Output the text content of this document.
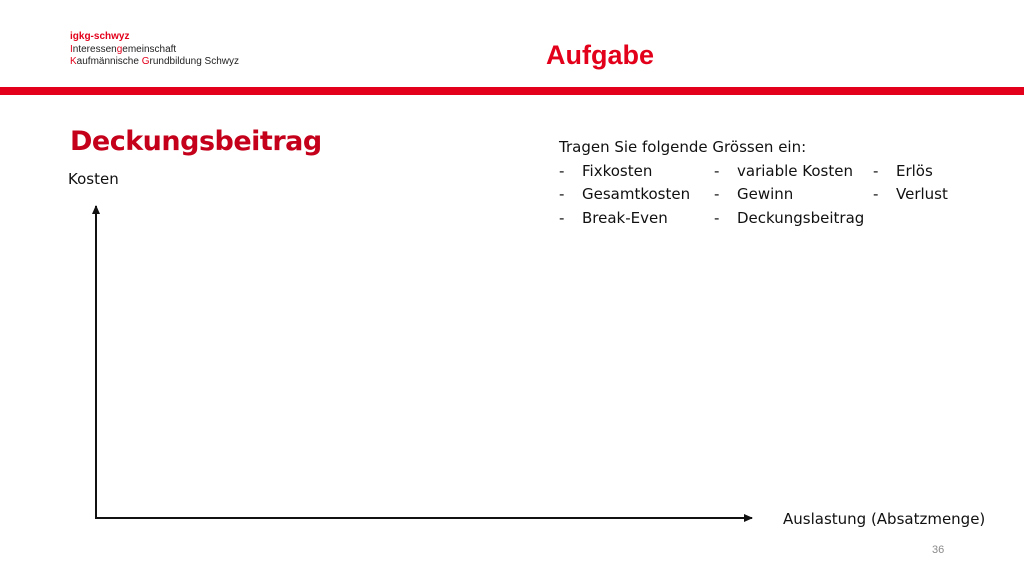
igkg-schwyz
Interessengemeinschaft
Kaufmännische Grundbildung Schwyz	Aufgabe
Deckungsbeitrag
Kosten
Auslastung (Absatzmenge)
Tragen Sie folgende Grössen ein:
-	Fixkosten	-	variable Kosten	-	Erlös
-	Gesamtkosten	-	Gewinn	-	Verlust
-	Break-Even	-	Deckungsbeitrag		
36
